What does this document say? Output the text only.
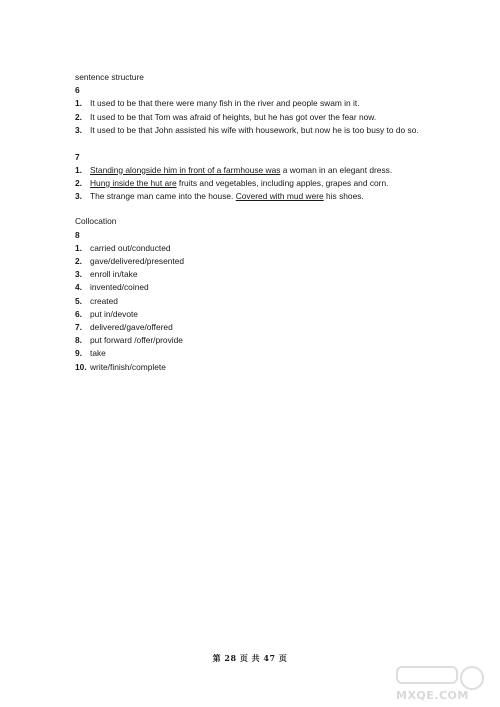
sentence structure

6

1. It used to be that there were many fish in the river and people swam in it.
2. It used to be that Tom was afraid of heights, but he has got over the fear now.
3. It used to be that John assisted his wife with housework, but now he is too busy to do so.

7

1. Standing alongside him in front of a farmhouse was a woman in an elegant dress.
2. Hung inside the hut are fruits and vegetables, including apples, grapes and corn.
3. The strange man came into the house. Covered with mud were his shoes.

Collocation

8

1. carried out/conducted
2. gave/delivered/presented
3. enroll in/take
4. invented/coined
5. created
6. put in/devote
7. delivered/gave/offered
8. put forward /offer/provide
9. take
10. write/finish/complete
第 28 页 共 47 页
MXQE.COM
